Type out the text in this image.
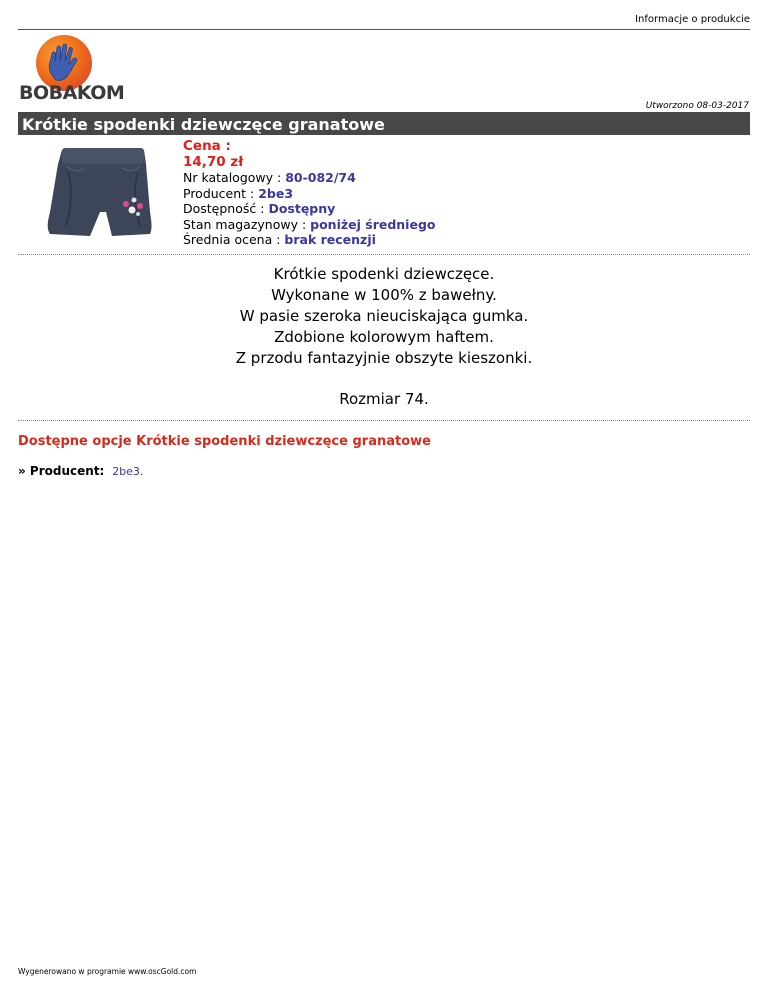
Informacje o produkcie
BOBAKOM
Utworzono 08-03-2017
Krótkie spodenki dziewczęce granatowe
Cena :
14,70 zł
Nr katalogowy : 80-082/74
Producent : 2be3
Dostępność : Dostępny
Stan magazynowy : poniżej średniego
Średnia ocena : brak recenzji
Krótkie spodenki dziewczęce.
Wykonane w 100% z bawełny.
W pasie szeroka nieuciskająca gumka.
Zdobione kolorowym haftem.
Z przodu fantazyjnie obszyte kieszonki.
Rozmiar 74.
Dostępne opcje Krótkie spodenki dziewczęce granatowe
» Producent: 2be3.
Wygenerowano w programie www.oscGold.com
